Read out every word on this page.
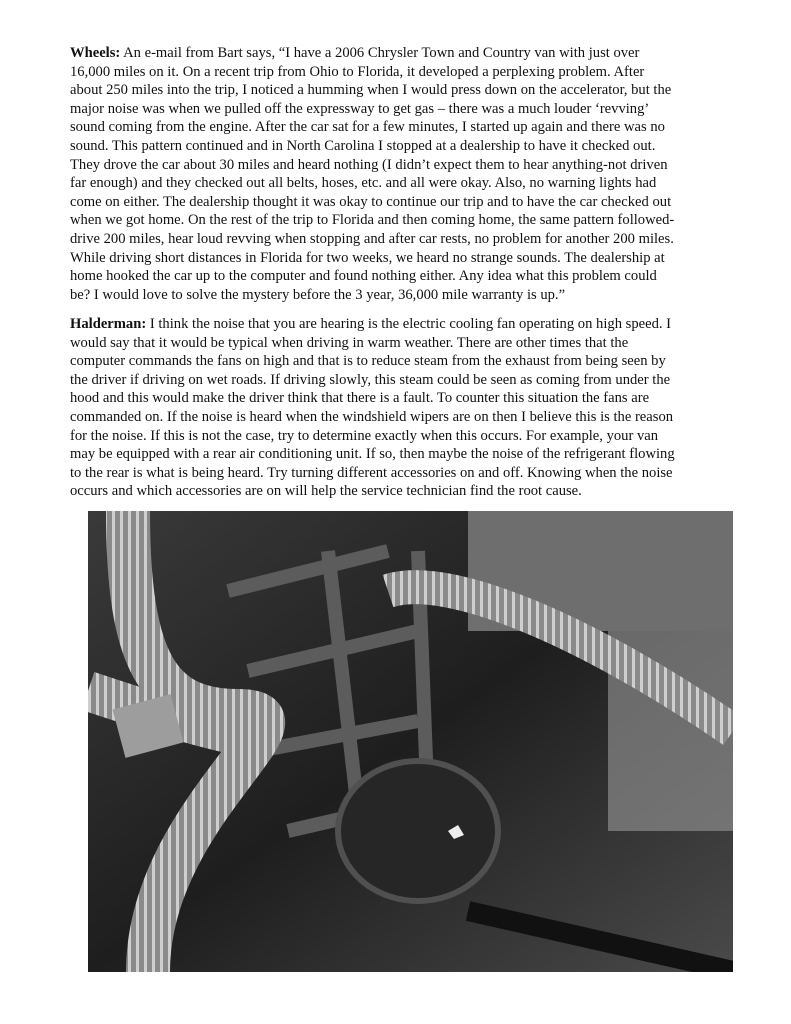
Wheels: An e-mail from Bart says, “I have a 2006 Chrysler Town and Country van with just over
16,000 miles on it. On a recent trip from Ohio to Florida, it developed a perplexing problem. After
about 250 miles into the trip, I noticed a humming when I would press down on the accelerator, but the
major noise was when we pulled off the expressway to get gas – there was a much louder ‘revving’
sound coming from the engine. After the car sat for a few minutes, I started up again and there was no
sound. This pattern continued and in North Carolina I stopped at a dealership to have it checked out.
They drove the car about 30 miles and heard nothing (I didn’t expect them to hear anything-not driven
far enough) and they checked out all belts, hoses, etc. and all were okay. Also, no warning lights had
come on either. The dealership thought it was okay to continue our trip and to have the car checked out
when we got home. On the rest of the trip to Florida and then coming home, the same pattern followed-
drive 200 miles, hear loud revving when stopping and after car rests, no problem for another 200 miles.
While driving short distances in Florida for two weeks, we heard no strange sounds. The dealership at
home hooked the car up to the computer and found nothing either. Any idea what this problem could
be? I would love to solve the mystery before the 3 year, 36,000 mile warranty is up.”
Halderman: I think the noise that you are hearing is the electric cooling fan operating on high speed. I
would say that it would be typical when driving in warm weather. There are other times that the
computer commands the fans on high and that is to reduce steam from the exhaust from being seen by
the driver if driving on wet roads. If driving slowly, this steam could be seen as coming from under the
hood and this would make the driver think that there is a fault. To counter this situation the fans are
commanded on. If the noise is heard when the windshield wipers are on then I believe this is the reason
for the noise. If this is not the case, try to determine exactly when this occurs. For example, your van
may be equipped with a rear air conditioning unit. If so, then maybe the noise of the refrigerant flowing
to the rear is what is being heard. Try turning different accessories on and off. Knowing when the noise
occurs and which accessories are on will help the service technician find the root cause.
